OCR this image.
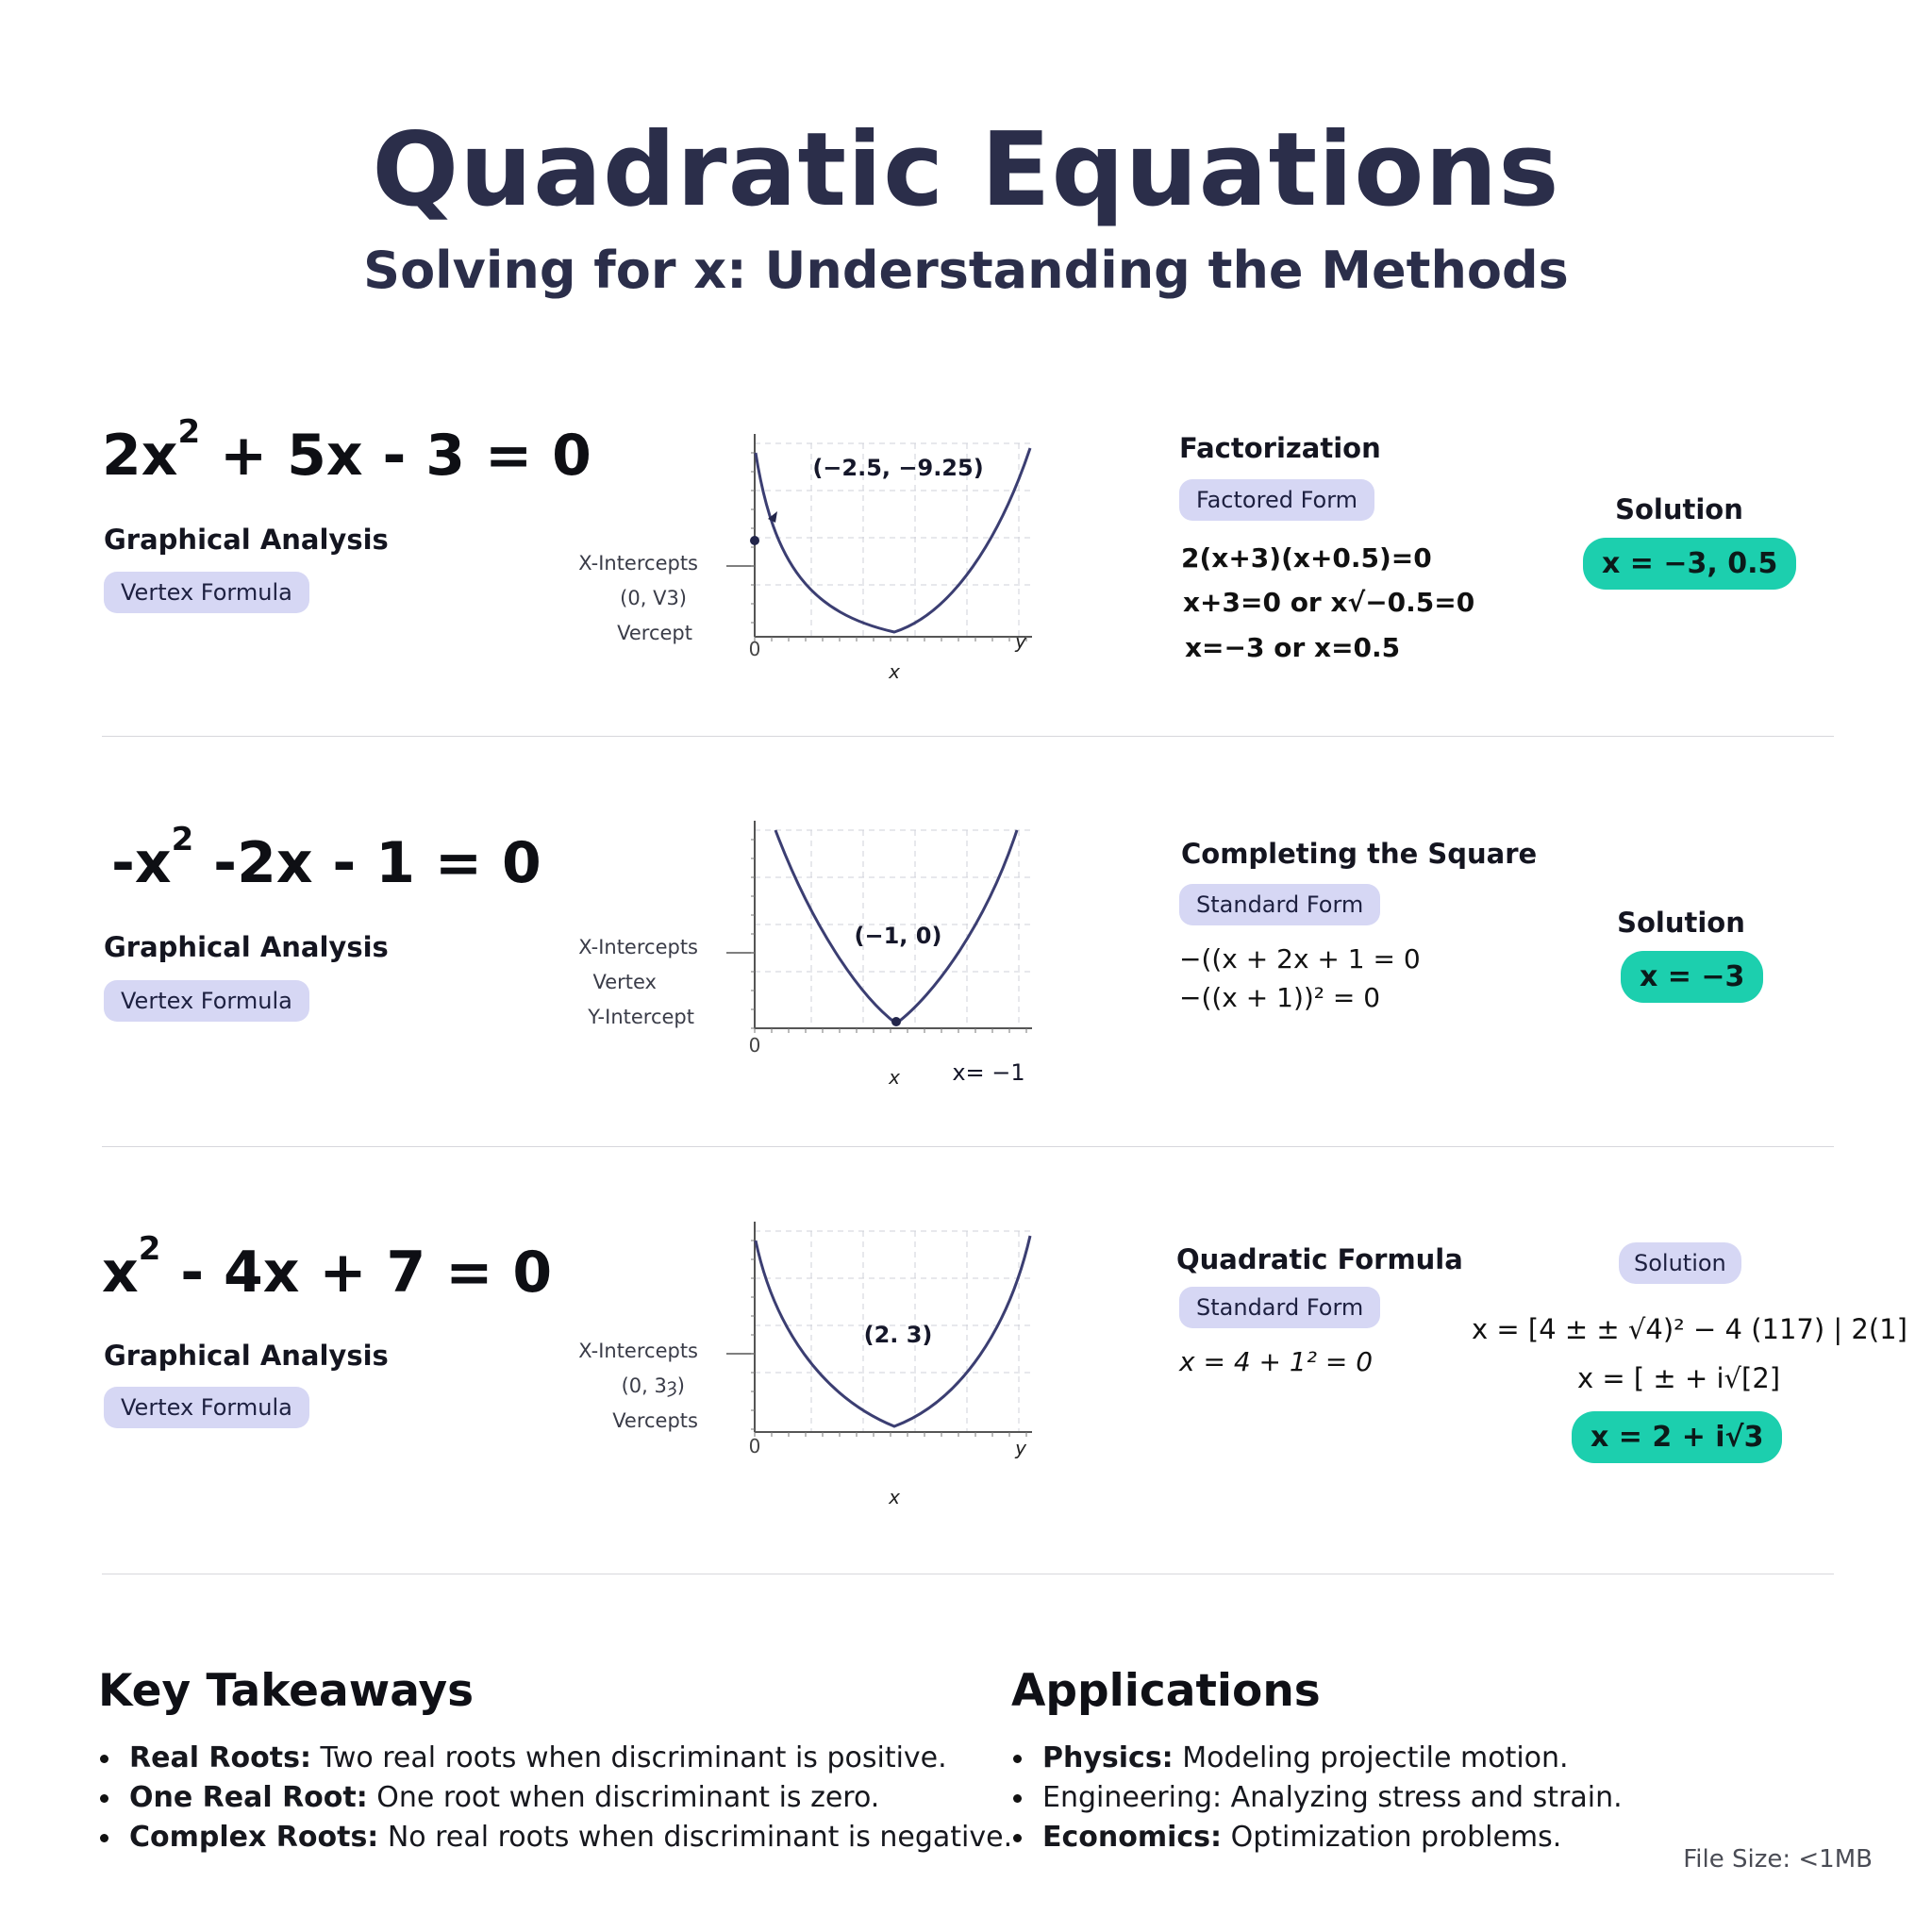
Quadratic Equations
Solving for x: Understanding the Methods
$2x^2 + 5x - 3 = 0$
Graphical Analysis
Vertex Formula
X-Intercepts
(0, V3)
Vercept
(−2.5, −9.25)
0
x
y
Factorization
Factored Form
2(x+3)(x+0.5)=0
x+3=0 or x√−0.5=0
x=−3 or x=0.5
Solution
x = −3, 0.5
$-x^2$ -2x - 1 = 0
Graphical Analysis
Vertex Formula
X-Intercepts
Vertex
Y-Intercept
(−1, 0)
0
x x= −1
Completing the Square
Standard Form
−((x + 2x + 1 = 0
−((x + 1))² = 0
Solution
x = −3
$x^2 - 4x + 7 = 0$
Graphical Analysis
Vertex Formula
X-Intercepts
(0, 3ȝ)
Vercepts
(2. 3)
0
x
y
Quadratic Formula
Standard Form
x = 4 + 1² = 0
Solution
x = [4 ± ± √4)² − 4 (117) | 2(1]
x = [ ± + i√[2]
x = 2 + i√3
Key Takeaways
Real Roots: Two real roots when discriminant is positive.
One Real Root: One root when discriminant is zero.
Complex Roots: No real roots when discriminant is negative.
Applications
Physics: Modeling projectile motion.
Engineering: Analyzing stress and strain.
Economics: Optimization problems.
File Size: <1MB
